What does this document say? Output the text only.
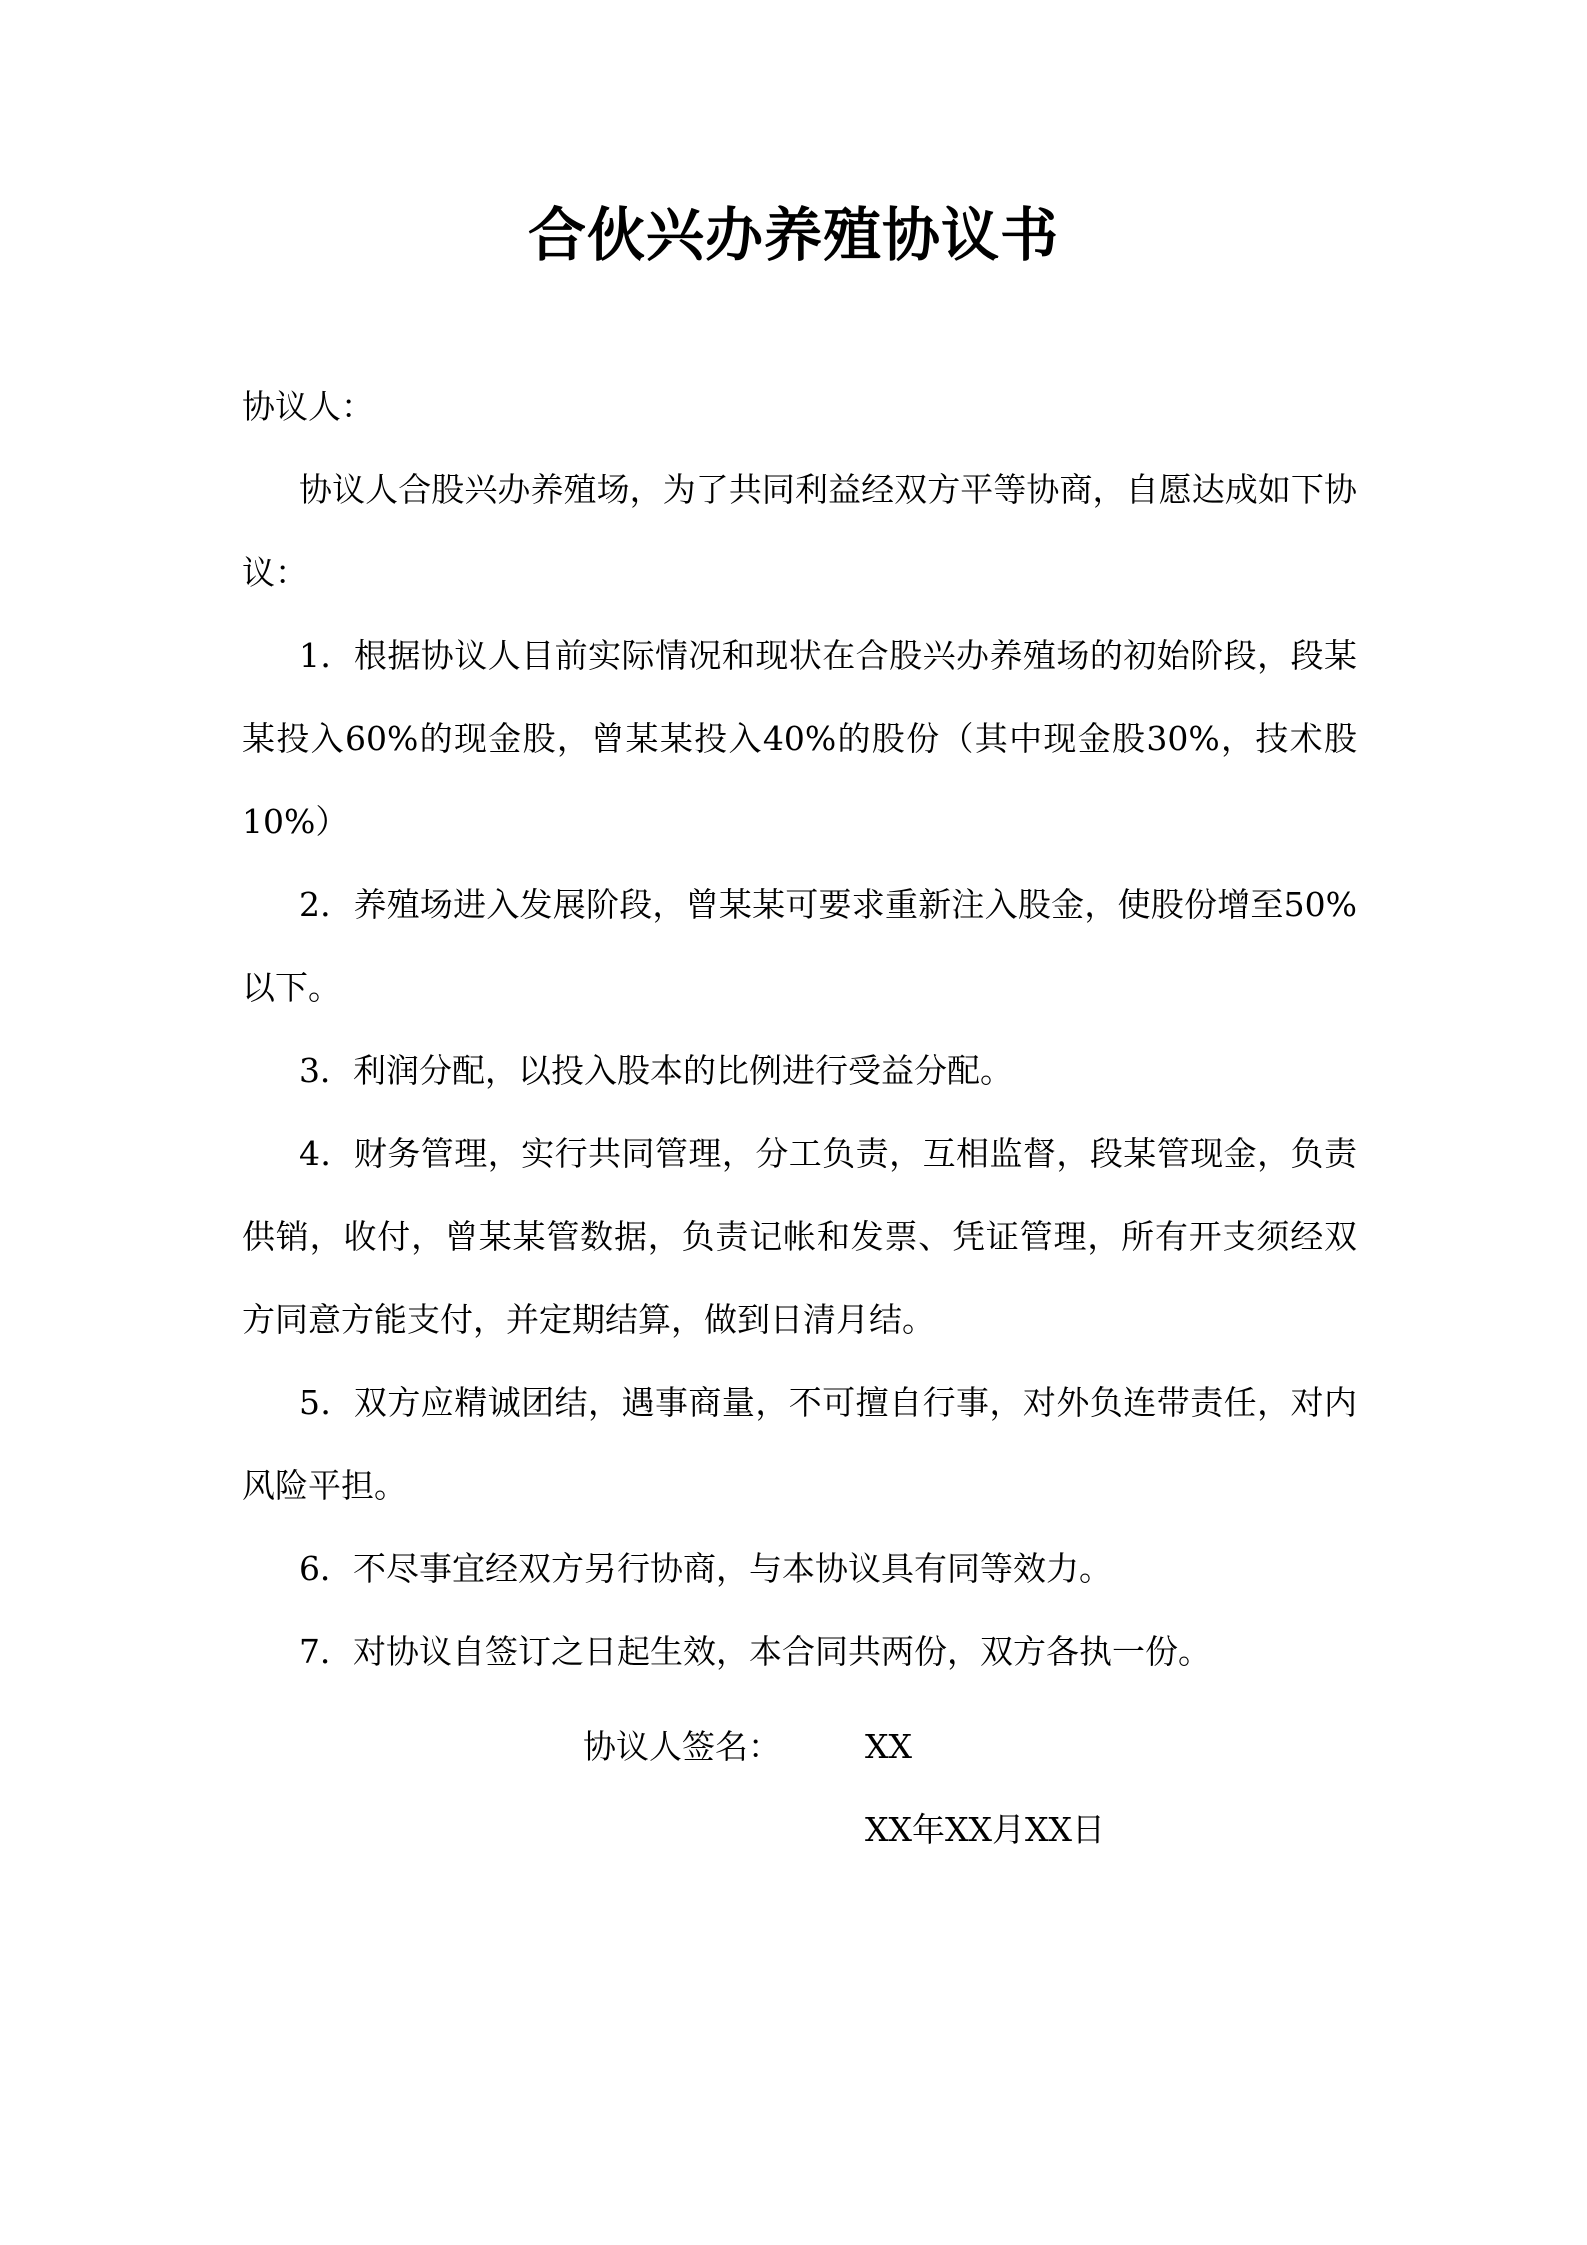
合伙兴办养殖协议书

协议人：

协议人合股兴办养殖场，为了共同利益经双方平等协商，自愿达成如下协议：

1．根据协议人目前实际情况和现状在合股兴办养殖场的初始阶段，段某某投入60%的现金股，曾某某投入40%的股份（其中现金股30%，技术股10%）

2．养殖场进入发展阶段，曾某某可要求重新注入股金，使股份增至50%以下。

3．利润分配，以投入股本的比例进行受益分配。

4．财务管理，实行共同管理，分工负责，互相监督，段某管现金，负责供销，收付，曾某某管数据，负责记帐和发票、凭证管理，所有开支须经双方同意方能支付，并定期结算，做到日清月结。

5．双方应精诚团结，遇事商量，不可擅自行事，对外负连带责任，对内风险平担。

6．不尽事宜经双方另行协商，与本协议具有同等效力。

7．对协议自签订之日起生效，本合同共两份，双方各执一份。

协议人签名：	XX
XX年XX月XX日
